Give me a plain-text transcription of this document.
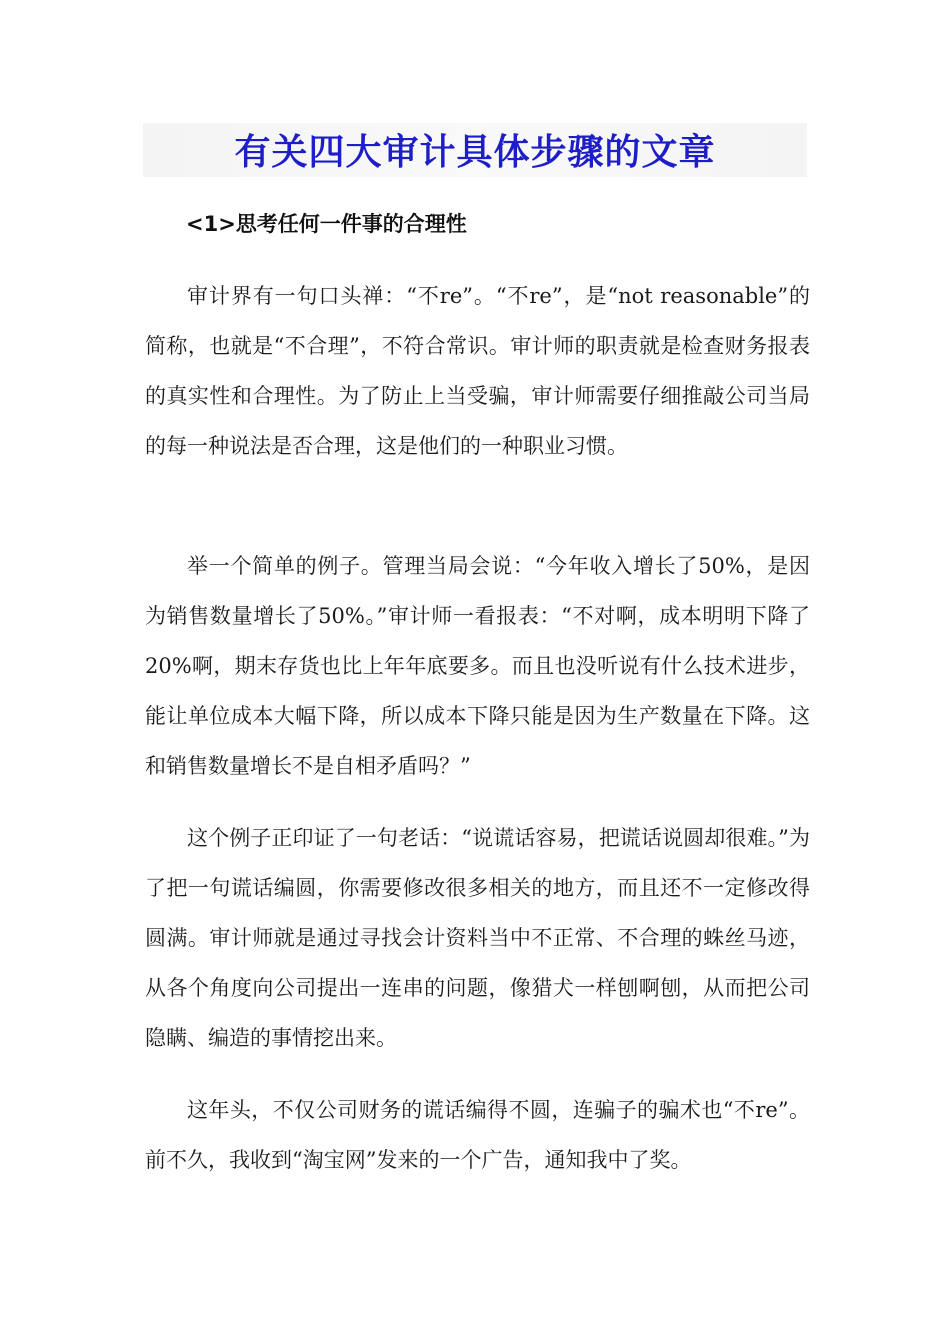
有关四大审计具体步骤的文章
<1>思考任何一件事的合理性

审计界有一句口头禅：“不re”。“不re”，是“not reasonable”的简称，也就是“不合理”，不符合常识。审计师的职责就是检查财务报表的真实性和合理性。为了防止上当受骗，审计师需要仔细推敲公司当局的每一种说法是否合理，这是他们的一种职业习惯。

举一个简单的例子。管理当局会说：“今年收入增长了50%，是因为销售数量增长了50%。”审计师一看报表：“不对啊，成本明明下降了20%啊，期末存货也比上年年底要多。而且也没听说有什么技术进步，能让单位成本大幅下降，所以成本下降只能是因为生产数量在下降。这和销售数量增长不是自相矛盾吗？”

这个例子正印证了一句老话：“说谎话容易，把谎话说圆却很难。”为了把一句谎话编圆，你需要修改很多相关的地方，而且还不一定修改得圆满。审计师就是通过寻找会计资料当中不正常、不合理的蛛丝马迹，从各个角度向公司提出一连串的问题，像猎犬一样刨啊刨，从而把公司隐瞒、编造的事情挖出来。

这年头，不仅公司财务的谎话编得不圆，连骗子的骗术也“不re”。前不久，我收到“淘宝网”发来的一个广告，通知我中了奖。
